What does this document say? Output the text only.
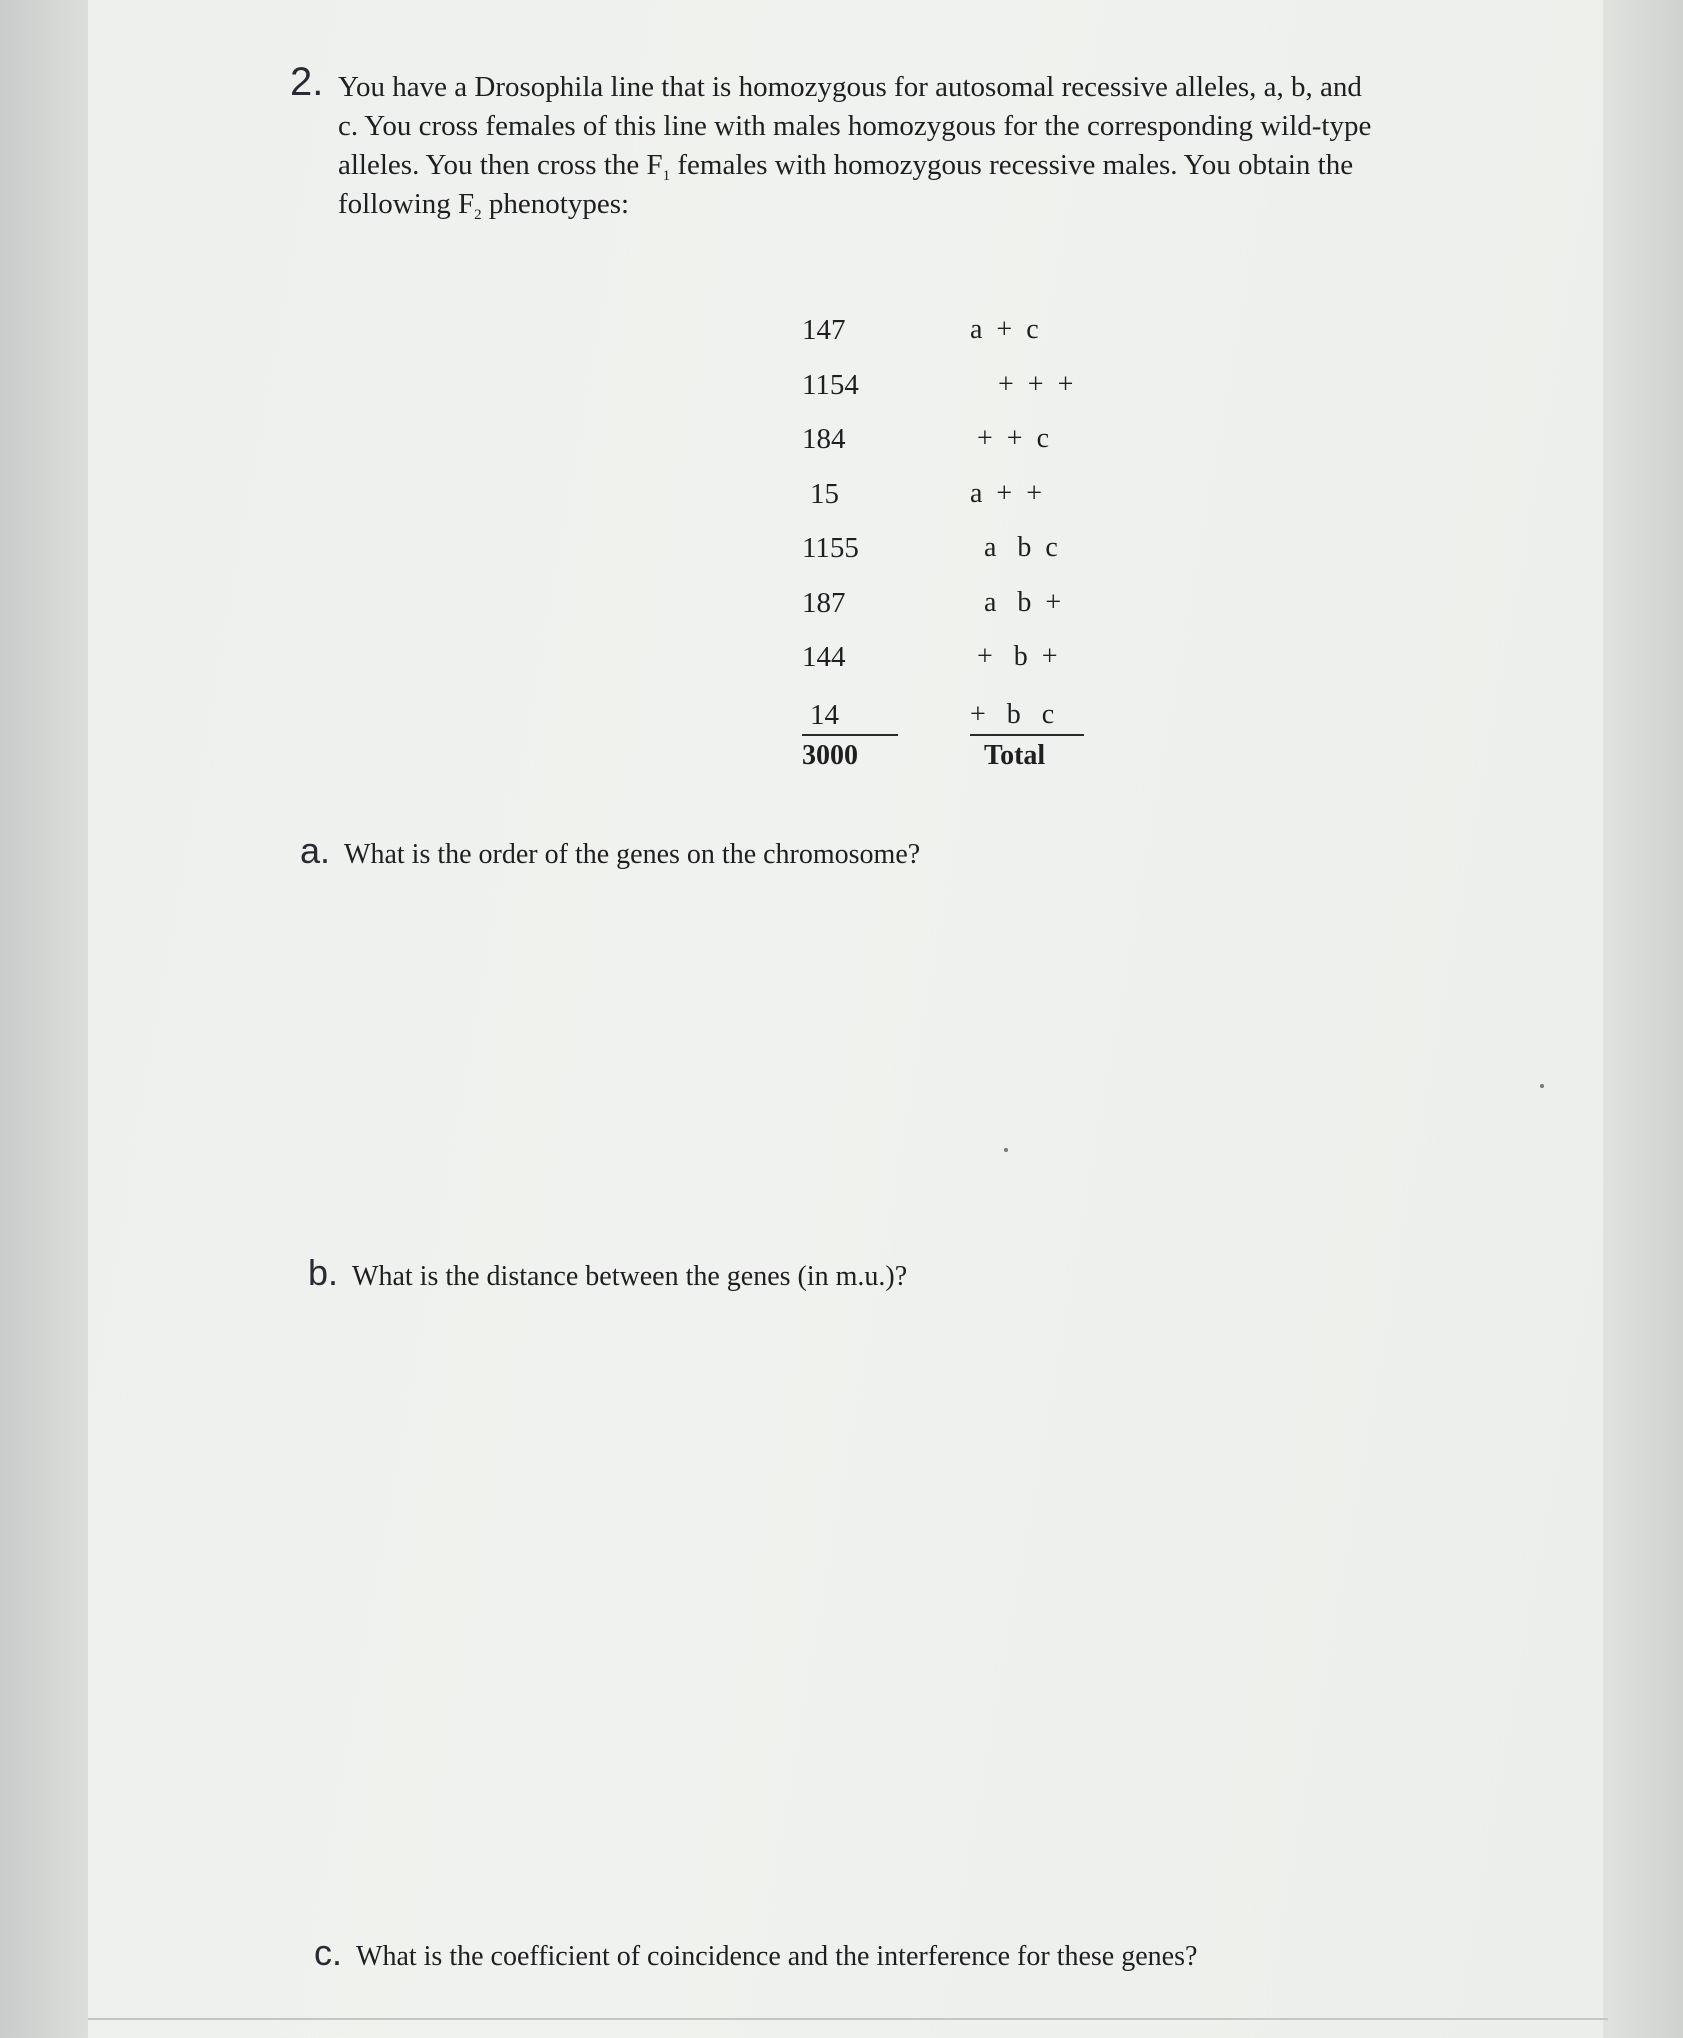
2. You have a Drosophila line that is homozygous for autosomal recessive alleles, a, b, and
c. You cross females of this line with males homozygous for the corresponding wild-type
alleles. You then cross the $F_1$ females with homozygous recessive males. You obtain the
following $F_2$ phenotypes:

147
1154
184
15
1155
187
144
14
3000
a  +  c
+  +  +
+  +  c
a  +  +
a   b  c
a   b  +
+   b  +
+   b   c
Total

a. What is the order of the genes on the chromosome?

b. What is the distance between the genes (in m.u.)?

c. What is the coefficient of coincidence and the interference for these genes?
